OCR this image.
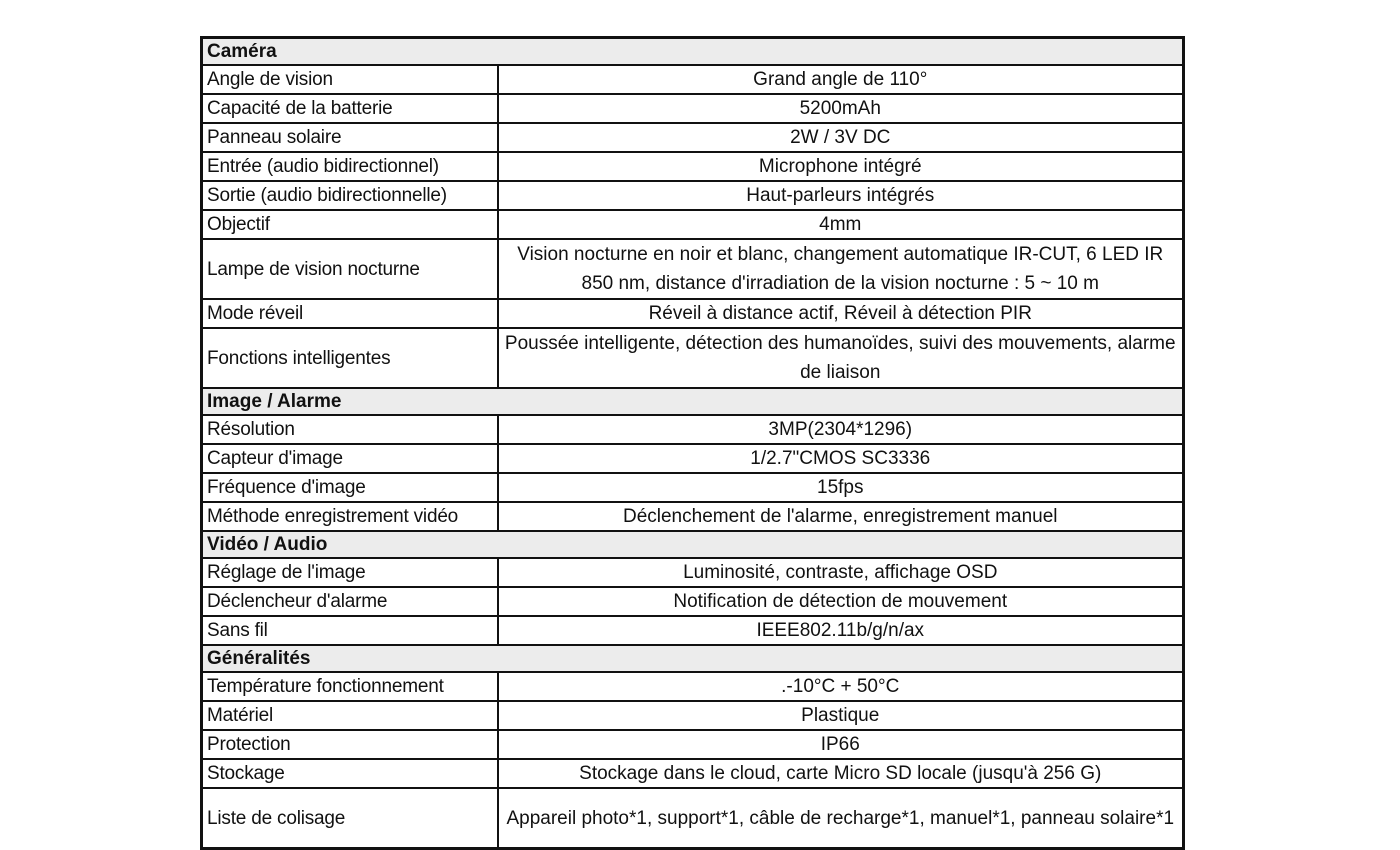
Caméra	
Angle de vision	Grand angle de 110°
Capacité de la batterie	5200mAh
Panneau solaire	2W / 3V DC
Entrée (audio bidirectionnel)	Microphone intégré
Sortie (audio bidirectionnelle)	Haut-parleurs intégrés
Objectif	4mm
Lampe de vision nocturne	Vision nocturne en noir et blanc, changement automatique IR-CUT, 6 LED IR 850 nm, distance d'irradiation de la vision nocturne : 5 ~ 10 m
Mode réveil	Réveil à distance actif, Réveil à détection PIR
Fonctions intelligentes	Poussée intelligente, détection des humanoïdes, suivi des mouvements, alarme de liaison
Image / Alarme	
Résolution	3MP(2304*1296)
Capteur d'image	1/2.7"CMOS SC3336
Fréquence d'image	15fps
Méthode enregistrement vidéo	Déclenchement de l'alarme, enregistrement manuel
Vidéo / Audio	
Réglage de l'image	Luminosité, contraste, affichage OSD
Déclencheur d'alarme	Notification de détection de mouvement
Sans fil	IEEE802.11b/g/n/ax
Généralités	
Température fonctionnement	.-10°C + 50°C
Matériel	Plastique
Protection	IP66
Stockage	Stockage dans le cloud, carte Micro SD locale (jusqu'à 256 G)
Liste de colisage	Appareil photo*1, support*1, câble de recharge*1, manuel*1, panneau solaire*1
